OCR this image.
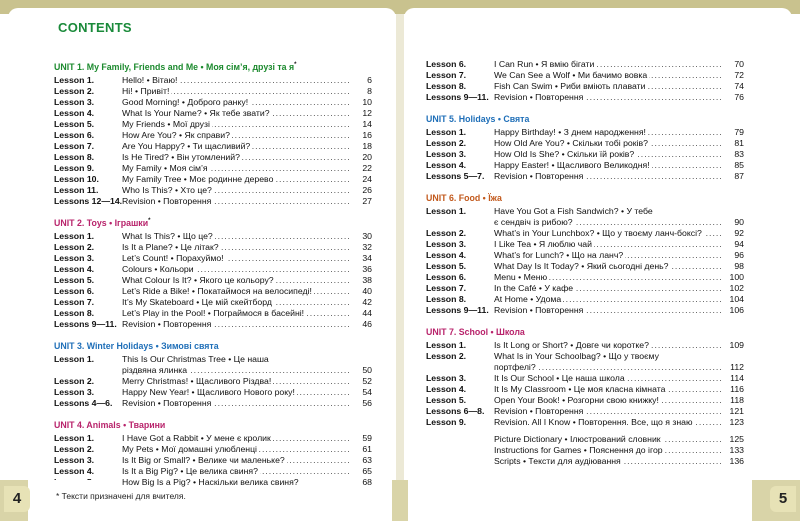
CONTENTS
UNIT 1. My Family, Friends and Me • Моя сім’я, друзі та я*
Lesson 1.	Hello! • Вітаю! .....	6
Lesson 2.	Hi! • Привіт! .....	8
Lesson 3.	Good Morning! • Доброго ранку! .....	10
Lesson 4.	What Is Your Name? • Як тебе звати? .....	12
Lesson 5.	My Friends • Мої друзі .....	14
Lesson 6.	How Are You? • Як справи? .....	16
Lesson 7.	Are You Happy? • Ти щасливий? .....	18
Lesson 8.	Is He Tired? • Він утомлений? .....	20
Lesson 9.	My Family • Моя сім’я .....	22
Lesson 10.	My Family Tree • Моє родинне дерево .....	24
Lesson 11.	Who Is This? • Хто це? .....	26
Lessons 12—14. Revision • Повторення .....	27
UNIT 2. Toys • Іграшки*
Lesson 1.	What Is This? • Що це? .....	30
Lesson 2.	Is It a Plane? • Це літак? .....	32
Lesson 3.	Let’s Count! • Порахуймо! .....	34
Lesson 4.	Colours • Кольори .....	36
Lesson 5.	What Colour Is It? • Якого це кольору? .....	38
Lesson 6.	Let’s Ride a Bike! • Покатаймося на велосипеді! .....	40
Lesson 7.	It’s My Skateboard • Це мій скейтборд .....	42
Lesson 8.	Let’s Play in the Pool! • Пограймося в басейні! .....	44
Lessons 9—11. Revision • Повторення .....	46
UNIT 3. Winter Holidays • Зимові свята
Lesson 1.	This Is Our Christmas Tree • Це наша
різдвяна ялинка .....	50
Lesson 2.	Merry Christmas! • Щасливого Різдва! .....	52
Lesson 3.	Happy New Year! • Щасливого Нового року! .....	54
Lessons 4—6.	Revision • Повторення .....	56
UNIT 4. Animals • Тварини
Lesson 1.	I Have Got a Rabbit • У мене є кролик .....	59
Lesson 2.	My Pets • Мої домашні улюбленці .....	61
Lesson 3.	Is It Big or Small? • Велике чи маленьке? .....	63
Lesson 4.	Is It a Big Pig? • Це велика свиня? .....	65
How Big Is a Pig? • Наскільки велика свиня? .....	68
Lesson 6.	I Can Run • Я вмію бігати .....	70
Lesson 7.	We Can See a Wolf • Ми бачимо вовка .....	72
Lesson 8.	Fish Can Swim • Риби вміють плавати .....	74
Lessons 9—11. Revision • Повторення .....	76
UNIT 5. Holidays • Свята
Lesson 1.	Happy Birthday! • З днем народження! .....	79
Lesson 2.	How Old Are You? • Скільки тобі років? .....	81
Lesson 3.	How Old Is She? • Скільки їй років? .....	83
Lesson 4.	Happy Easter! • Щасливого Великодня! .....	85
Lessons 5—7.	Revision • Повторення .....	87
UNIT 6. Food • Їжа
Lesson 1.	Have You Got a Fish Sandwich? • У тебе
є сендвіч із рибою? .....	90
Lesson 2.	What’s in Your Lunchbox? • Що у твоєму ланч-боксі? .....	92
Lesson 3.	I Like Tea • Я люблю чай .....	94
Lesson 4.	What’s for Lunch? • Що на ланч? .....	96
Lesson 5.	What Day Is It Today? • Який сьогодні день? .....	98
Lesson 6.	Menu • Меню .....	100
Lesson 7.	In the Café • У кафе .....	102
Lesson 8.	At Home • Удома .....	104
Lessons 9—11. Revision • Повторення .....	106
UNIT 7. School • Школа
Lesson 1.	Is It Long or Short? • Довге чи коротке? .....	109
Lesson 2.	What Is in Your Schoolbag? • Що у твоєму
портфелі? .....	112
Lesson 3.	It Is Our School • Це наша школа .....	114
Lesson 4.	It Is My Classroom • Це моя класна кімната .....	116
Lesson 5.	Open Your Book! • Розгорни свою книжку! .....	118
Lessons 6—8.	Revision • Повторення .....	121
Lesson 9.	Revision. All I Know • Повторення. Все, що я знаю .....	123
Picture Dictionary • Ілюстрований словник .....	125
Instructions for Games • Пояснення до ігор .....	133
Scripts • Тексти для аудіювання .....	136
4	5
* Тексти призначені для вчителя.
